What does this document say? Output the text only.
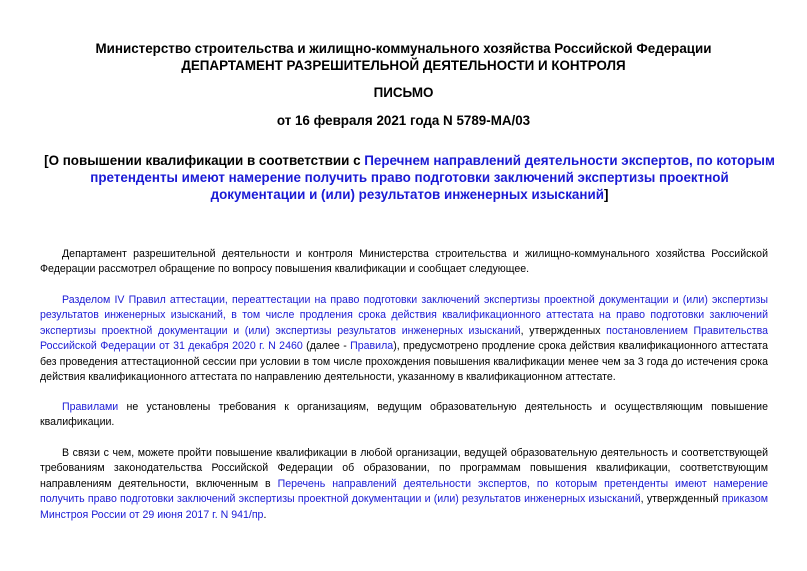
Министерство строительства и жилищно-коммунального хозяйства Российской Федерации
ДЕПАРТАМЕНТ РАЗРЕШИТЕЛЬНОЙ ДЕЯТЕЛЬНОСТИ И КОНТРОЛЯ
ПИСЬМО
от 16 февраля 2021 года N 5789-МА/03
[О повышении квалификации в соответствии с Перечнем направлений деятельности экспертов, по которым претенденты имеют намерение получить право подготовки заключений экспертизы проектной документации и (или) результатов инженерных изысканий]
Департамент разрешительной деятельности и контроля Министерства строительства и жилищно-коммунального хозяйства Российской Федерации рассмотрел обращение по вопросу повышения квалификации и сообщает следующее.
Разделом IV Правил аттестации, переаттестации на право подготовки заключений экспертизы проектной документации и (или) экспертизы результатов инженерных изысканий, в том числе продления срока действия квалификационного аттестата на право подготовки заключений экспертизы проектной документации и (или) экспертизы результатов инженерных изысканий, утвержденных постановлением Правительства Российской Федерации от 31 декабря 2020 г. N 2460 (далее - Правила), предусмотрено продление срока действия квалификационного аттестата без проведения аттестационной сессии при условии в том числе прохождения повышения квалификации менее чем за 3 года до истечения срока действия квалификационного аттестата по направлению деятельности, указанному в квалификационном аттестате.
Правилами не установлены требования к организациям, ведущим образовательную деятельность и осуществляющим повышение квалификации.
В связи с чем, можете пройти повышение квалификации в любой организации, ведущей образовательную деятельность и соответствующей требованиям законодательства Российской Федерации об образовании, по программам повышения квалификации, соответствующим направлениям деятельности, включенным в Перечень направлений деятельности экспертов, по которым претенденты имеют намерение получить право подготовки заключений экспертизы проектной документации и (или) результатов инженерных изысканий, утвержденный приказом Минстроя России от 29 июня 2017 г. N 941/пр.
